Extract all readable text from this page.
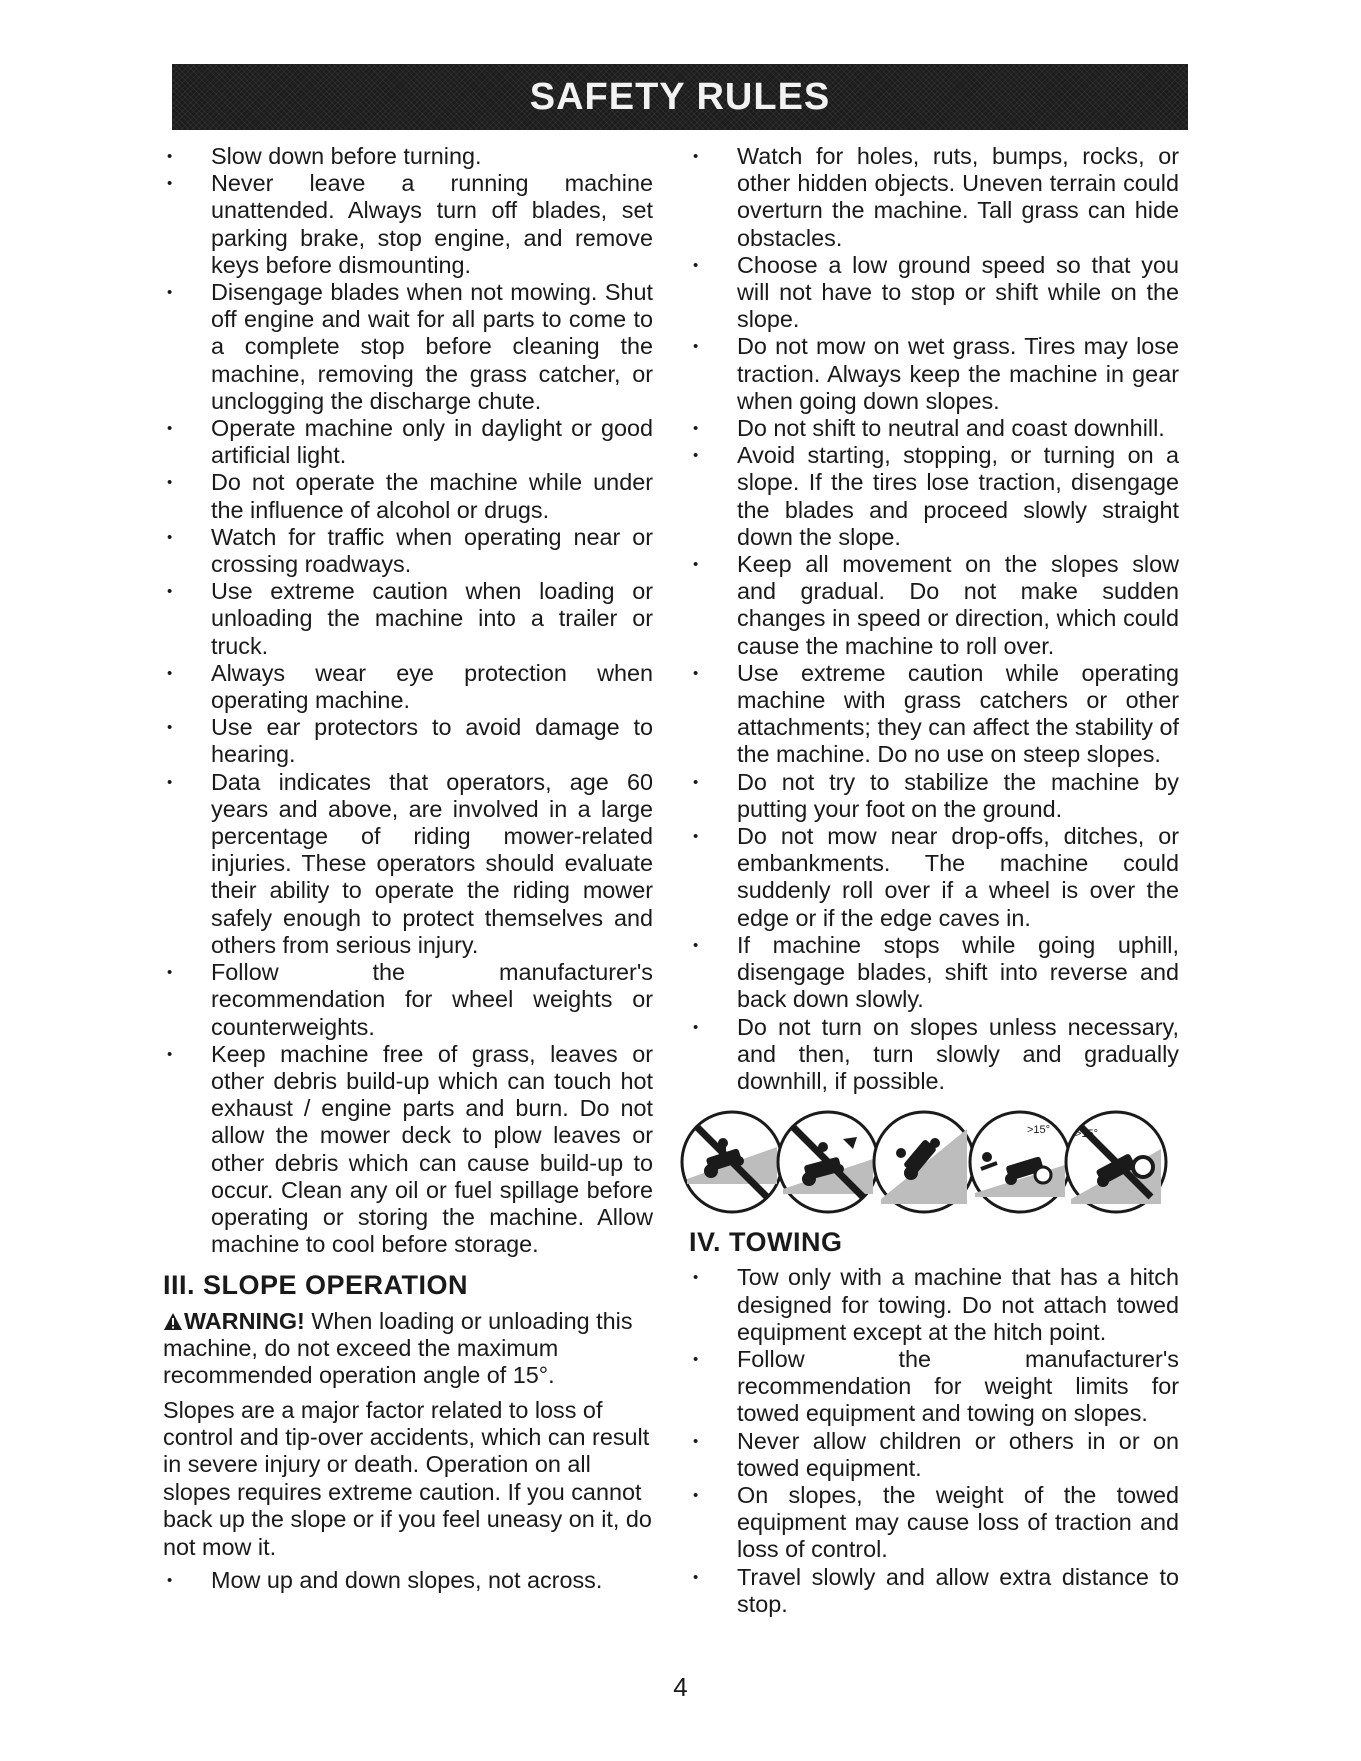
SAFETY RULES
• Slow down before turning.
• Never leave a running machine unattended. Always turn off blades, set parking brake, stop engine, and remove keys before dismounting.
• Disengage blades when not mowing. Shut off engine and wait for all parts to come to a complete stop before cleaning the machine, removing the grass catcher, or unclogging the discharge chute.
• Operate machine only in daylight or good artificial light.
• Do not operate the machine while under the influence of alcohol or drugs.
• Watch for traffic when operating near or crossing roadways.
• Use extreme caution when loading or unloading the machine into a trailer or truck.
• Always wear eye protection when operating machine.
• Use ear protectors to avoid damage to hearing.
• Data indicates that operators, age 60 years and above, are involved in a large percentage of riding mower-related injuries. These operators should evaluate their ability to operate the riding mower safely enough to protect themselves and others from serious injury.
• Follow the manufacturer's recommendation for wheel weights or counterweights.
• Keep machine free of grass, leaves or other debris build-up which can touch hot exhaust / engine parts and burn. Do not allow the mower deck to plow leaves or other debris which can cause build-up to occur. Clean any oil or fuel spillage before operating or storing the machine. Allow machine to cool before storage.
III. SLOPE OPERATION

WARNING! When loading or unloading this machine, do not exceed the maximum recommended operation angle of 15°.

Slopes are a major factor related to loss of control and tip-over accidents, which can result in severe injury or death. Operation on all slopes requires extreme caution. If you cannot back up the slope or if you feel uneasy on it, do not mow it.

• Mow up and down slopes, not across.
• Watch for holes, ruts, bumps, rocks, or other hidden objects. Uneven terrain could overturn the machine. Tall grass can hide obstacles.
• Choose a low ground speed so that you will not have to stop or shift while on the slope.
• Do not mow on wet grass. Tires may lose traction. Always keep the machine in gear when going down slopes.
• Do not shift to neutral and coast downhill.
• Avoid starting, stopping, or turning on a slope. If the tires lose traction, disengage the blades and proceed slowly straight down the slope.
• Keep all movement on the slopes slow and gradual. Do not make sudden changes in speed or direction, which could cause the machine to roll over.
• Use extreme caution while operating machine with grass catchers or other attachments; they can affect the stability of the machine. Do no use on steep slopes.
• Do not try to stabilize the machine by putting your foot on the ground.
• Do not mow near drop-offs, ditches, or embankments. The machine could suddenly roll over if a wheel is over the edge or if the edge caves in.
• If machine stops while going uphill, disengage blades, shift into reverse and back down slowly.
• Do not turn on slopes unless necessary, and then, turn slowly and gradually downhill, if possible.
>15° >15°
IV. TOWING
• Tow only with a machine that has a hitch designed for towing. Do not attach towed equipment except at the hitch point.
• Follow the manufacturer's recommendation for weight limits for towed equipment and towing on slopes.
• Never allow children or others in or on towed equipment.
• On slopes, the weight of the towed equipment may cause loss of traction and loss of control.
• Travel slowly and allow extra distance to stop.
4
